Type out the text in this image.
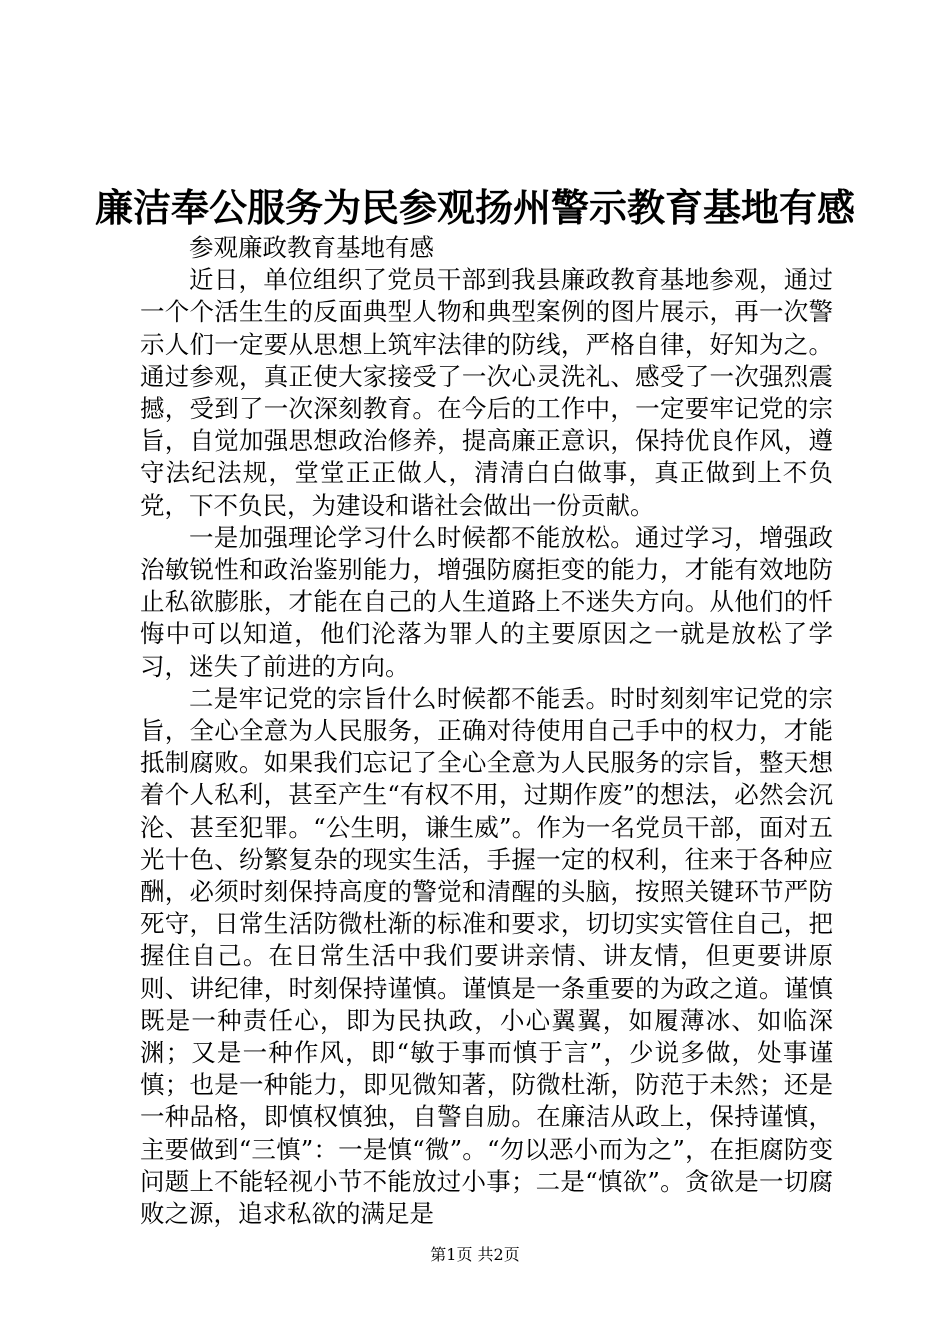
廉洁奉公服务为民参观扬州警示教育基地有感

参观廉政教育基地有感

近日，单位组织了党员干部到我县廉政教育基地参观，通过一个个活生生的反面典型人物和典型案例的图片展示，再一次警示人们一定要从思想上筑牢法律的防线，严格自律，好知为之。通过参观，真正使大家接受了一次心灵洗礼、感受了一次强烈震撼，受到了一次深刻教育。在今后的工作中，一定要牢记党的宗旨，自觉加强思想政治修养，提高廉正意识，保持优良作风，遵守法纪法规，堂堂正正做人，清清白白做事，真正做到上不负党，下不负民，为建设和谐社会做出一份贡献。

一是加强理论学习什么时候都不能放松。通过学习，增强政治敏锐性和政治鉴别能力，增强防腐拒变的能力，才能有效地防止私欲膨胀，才能在自己的人生道路上不迷失方向。从他们的忏悔中可以知道，他们沦落为罪人的主要原因之一就是放松了学习，迷失了前进的方向。

二是牢记党的宗旨什么时候都不能丢。时时刻刻牢记党的宗旨，全心全意为人民服务，正确对待使用自己手中的权力，才能抵制腐败。如果我们忘记了全心全意为人民服务的宗旨，整天想着个人私利，甚至产生“有权不用，过期作废”的想法，必然会沉沦、甚至犯罪。“公生明，谦生威”。作为一名党员干部，面对五光十色、纷繁复杂的现实生活，手握一定的权利，往来于各种应酬，必须时刻保持高度的警觉和清醒的头脑，按照关键环节严防死守，日常生活防微杜渐的标准和要求，切切实实管住自己，把握住自己。在日常生活中我们要讲亲情、讲友情，但更要讲原则、讲纪律，时刻保持谨慎。谨慎是一条重要的为政之道。谨慎既是一种责任心，即为民执政，小心翼翼，如履薄冰、如临深渊；又是一种作风，即“敏于事而慎于言”，少说多做，处事谨慎；也是一种能力，即见微知著，防微杜渐，防范于未然；还是一种品格，即慎权慎独，自警自励。在廉洁从政上，保持谨慎，主要做到“三慎”：一是慎“微”。“勿以恶小而为之”，在拒腐防变问题上不能轻视小节不能放过小事；二是“慎欲”。贪欲是一切腐败之源，追求私欲的满足是

第1页 共2页
